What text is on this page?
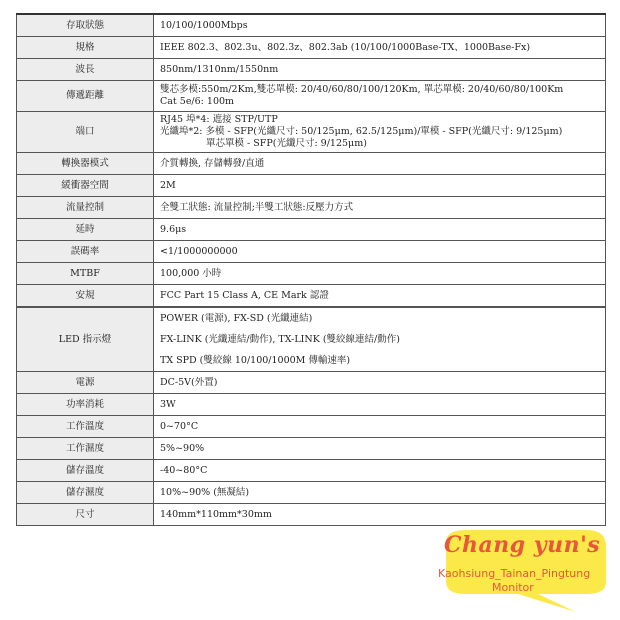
存取狀態	10/100/1000Mbps
規格	IEEE 802.3、802.3u、802.3z、802.3ab (10/100/1000Base-TX、1000Base-Fx)
波長	850nm/1310nm/1550nm
傳遞距離	雙芯多模:550m/2Km,雙芯單模: 20/40/60/80/100/120Km, 單芯單模: 20/40/60/80/100Km
Cat 5e/6: 100m

端口	RJ45 埠*4: 遮接 STP/UTP
光纖埠*2: 多模 - SFP(光纖尺寸: 50/125μm, 62.5/125μm)/單模 - SFP(光纖尺寸: 9/125μm)
單芯單模 - SFP(光纖尺寸: 9/125μm)

轉換器模式	介質轉換, 存儲轉發/直通
緩衝器空間	2M
流量控制	全雙工狀態: 流量控制;半雙工狀態:反壓力方式
延時	9.6μs
誤碼率	<1/1000000000
MTBF	100,000 小時
安規	FCC Part 15 Class A, CE Mark 認證
LED 指示燈	POWER (電源), FX-SD (光纖連結)
FX-LINK (光纖連結/動作), TX-LINK (雙絞線連結/動作)
TX SPD (雙絞線 10/100/1000M 傳輸速率)

電源	DC-5V(外置)
功率消耗	3W
工作溫度	0~70°C
工作濕度	5%~90%
儲存溫度	-40~80°C
儲存濕度	10%~90% (無凝結)
尺寸	140mm*110mm*30mm
Chang yun's
Kaohsiung_Tainan_Pingtung
Monitor
